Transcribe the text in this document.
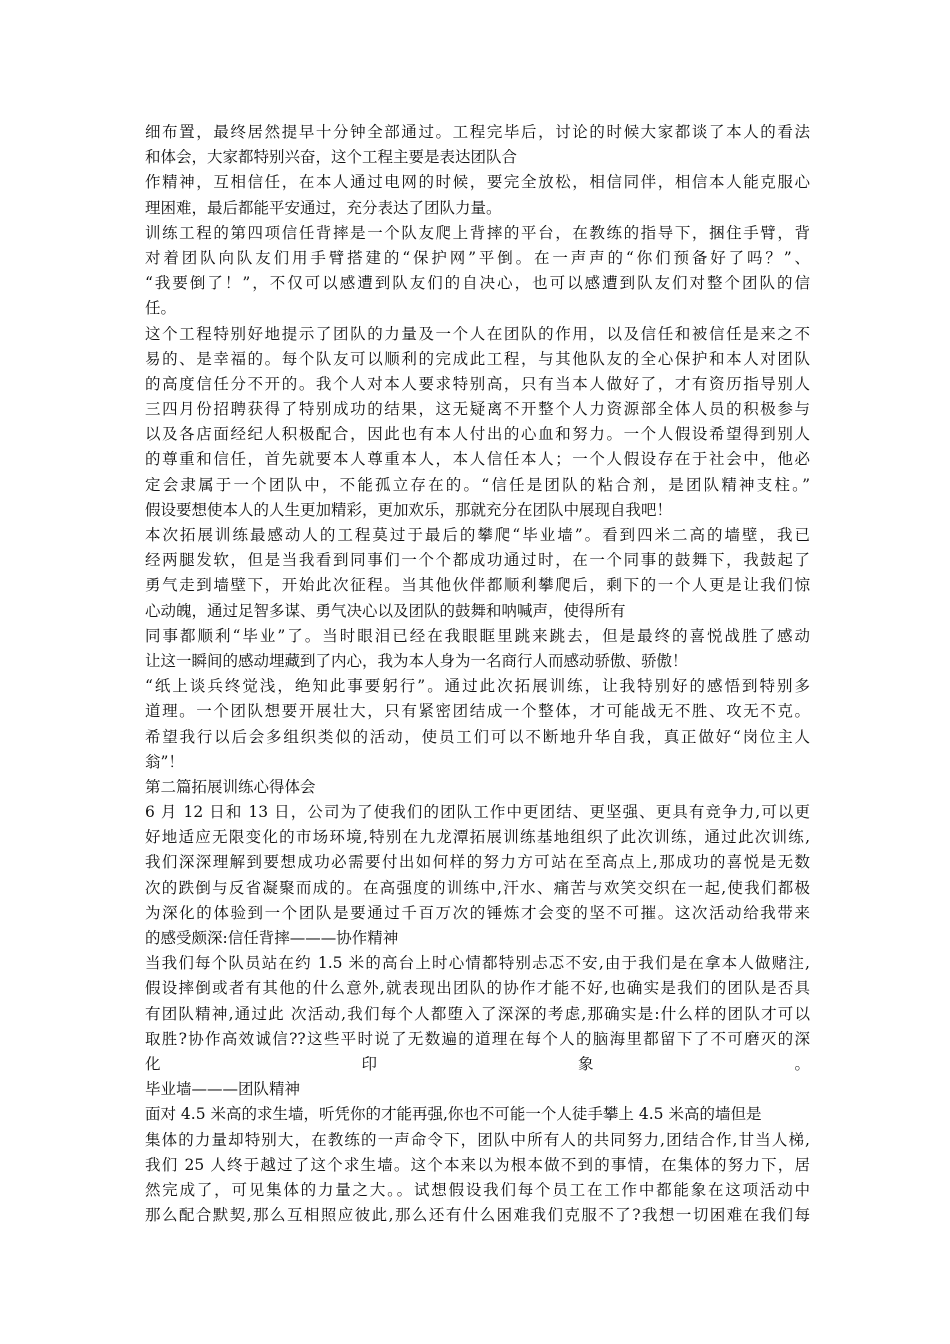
细布置，最终居然提早十分钟全部通过。工程完毕后，讨论的时候大家都谈了本人的看法
和体会，大家都特别兴奋，这个工程主要是表达团队合
作精神，互相信任，在本人通过电网的时候，要完全放松，相信同伴，相信本人能克服心
理困难，最后都能平安通过，充分表达了团队力量。
训练工程的第四项信任背摔是一个队友爬上背摔的平台，在教练的指导下，捆住手臂，背
对着团队向队友们用手臂搭建的“保护网”平倒。在一声声的“你们预备好了吗？”、
“我要倒了！”，不仅可以感遭到队友们的自决心，也可以感遭到队友们对整个团队的信
任。
这个工程特别好地提示了团队的力量及一个人在团队的作用，以及信任和被信任是来之不
易的、是幸福的。每个队友可以顺利的完成此工程，与其他队友的全心保护和本人对团队
的高度信任分不开的。我个人对本人要求特别高，只有当本人做好了，才有资历指导别人
三四月份招聘获得了特别成功的结果，这无疑离不开整个人力资源部全体人员的积极参与
以及各店面经纪人积极配合，因此也有本人付出的心血和努力。一个人假设希望得到别人
的尊重和信任，首先就要本人尊重本人，本人信任本人；一个人假设存在于社会中，他必
定会隶属于一个团队中，不能孤立存在的。“信任是团队的粘合剂，是团队精神支柱。”
假设要想使本人的人生更加精彩，更加欢乐，那就充分在团队中展现自我吧！
本次拓展训练最感动人的工程莫过于最后的攀爬“毕业墙”。看到四米二高的墙壁，我已
经两腿发软，但是当我看到同事们一个个都成功通过时，在一个同事的鼓舞下，我鼓起了
勇气走到墙壁下，开始此次征程。当其他伙伴都顺利攀爬后，剩下的一个人更是让我们惊
心动魄，通过足智多谋、勇气决心以及团队的鼓舞和呐喊声，使得所有
同事都顺利“毕业”了。当时眼泪已经在我眼眶里跳来跳去，但是最终的喜悦战胜了感动
让这一瞬间的感动埋藏到了内心，我为本人身为一名商行人而感动骄傲、骄傲！
“纸上谈兵终觉浅，绝知此事要躬行”。通过此次拓展训练，让我特别好的感悟到特别多
道理。一个团队想要开展壮大，只有紧密团结成一个整体，才可能战无不胜、攻无不克。
希望我行以后会多组织类似的活动，使员工们可以不断地升华自我，真正做好“岗位主人
翁”！
第二篇拓展训练心得体会
6 月 12 日和 13 日，公司为了使我们的团队工作中更团结、更坚强、更具有竞争力,可以更
好地适应无限变化的市场环境,特别在九龙潭拓展训练基地组织了此次训练，通过此次训练,
我们深深理解到要想成功必需要付出如何样的努力方可站在至高点上,那成功的喜悦是无数
次的跌倒与反省凝聚而成的。在高强度的训练中,汗水、痛苦与欢笑交织在一起,使我们都极
为深化的体验到一个团队是要通过千百万次的锤炼才会变的坚不可摧。这次活动给我带来
的感受颇深:信任背摔———协作精神
当我们每个队员站在约 1.5 米的高台上时心情都特别忐忑不安,由于我们是在拿本人做赌注,
假设摔倒或者有其他的什么意外,就表现出团队的协作才能不好,也确实是我们的团队是否具
有团队精神,通过此 次活动,我们每个人都堕入了深深的考虑,那确实是:什么样的团队才可以
取胜?协作高效诚信??这些平时说了无数遍的道理在每个人的脑海里都留下了不可磨灭的深
化印象。
毕业墙———团队精神
面对 4.5 米高的求生墙，听凭你的才能再强,你也不可能一个人徒手攀上 4.5 米高的墙但是
集体的力量却特别大，在教练的一声命令下，团队中所有人的共同努力,团结合作,甘当人梯,
我们 25 人终于越过了这个求生墙。这个本来以为根本做不到的事情，在集体的努力下，居
然完成了，可见集体的力量之大。。试想假设我们每个员工在工作中都能象在这项活动中
那么配合默契,那么互相照应彼此,那么还有什么困难我们克服不了?我想一切困难在我们每
